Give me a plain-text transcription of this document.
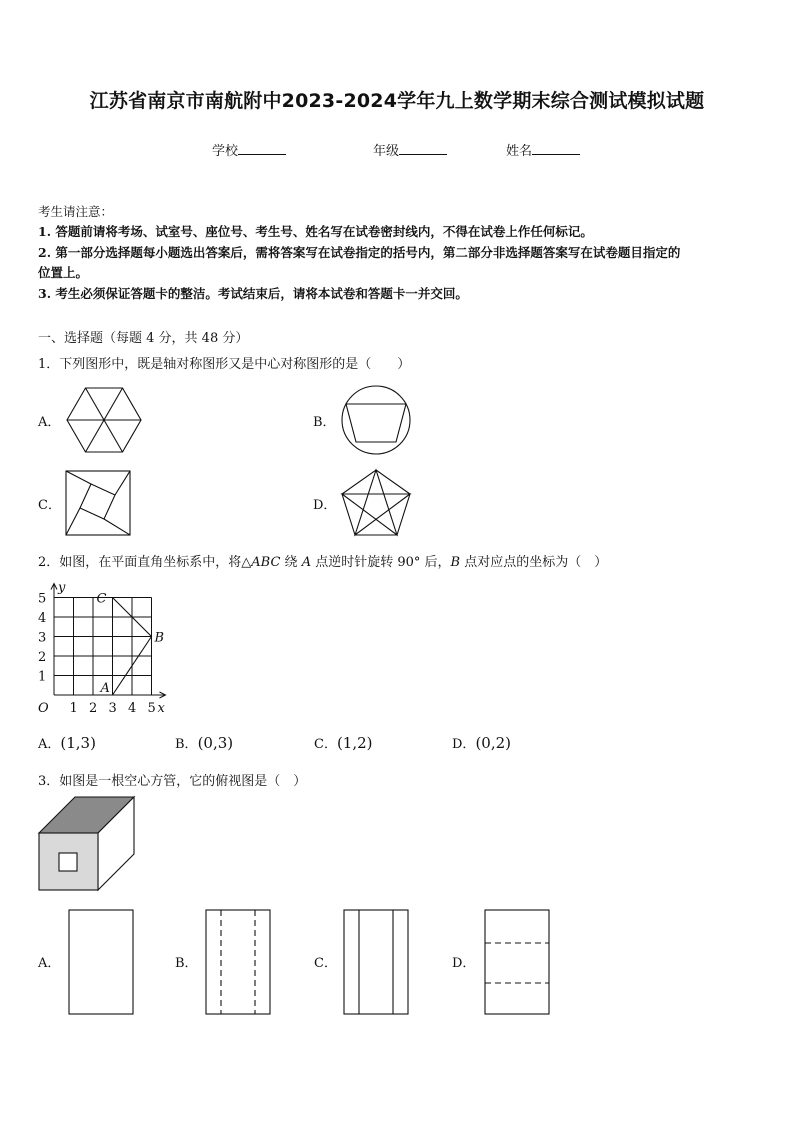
江苏省南京市南航附中2023-2024学年九上数学期末综合测试模拟试题
学校	年级	姓名
考生请注意：
1. 答题前请将考场、试室号、座位号、考生号、姓名写在试卷密封线内，不得在试卷上作任何标记。
2. 第一部分选择题每小题选出答案后，需将答案写在试卷指定的括号内，第二部分非选择题答案写在试卷题目指定的
位置上。
3. 考生必须保证答题卡的整洁。考试结束后，请将本试卷和答题卡一并交回。
一、选择题（每题 4 分，共 48 分）
1．下列图形中，既是轴对称图形又是中心对称图形的是（　　）
A．	B．
C．	D．
2．如图，在平面直角坐标系中，将△ABC 绕 A 点逆时针旋转 90° 后，B 点对应点的坐标为（　）
1 2 3 4 5
1
2
3
4
5
O	x
y
A
B
C
A．(1,3)	B．(0,3)	C．(1,2)	D．(0,2)
3．如图是一根空心方管，它的俯视图是（　）
A．	B．	C．	D．
